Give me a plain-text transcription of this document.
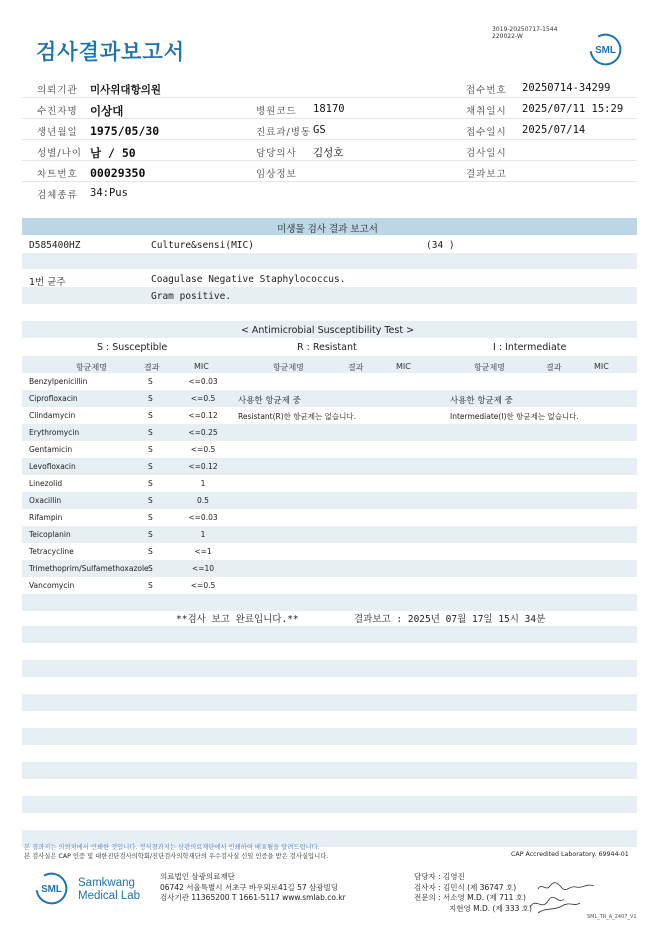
3019-20250717-1544
220022-W
검사결과보고서	SML
의뢰기관 미사위대항의원	접수번호 20250714-34299
수진자명 이상대	병원코드 18170	채취일시 2025/07/11 15:29
생년월일 1975/05/30	진료과/병동 GS	접수일시 2025/07/14
성별/나이 남 / 50	담당의사 김성호	검사일시
차트번호 00029350	임상정보	결과보고
검체종류 34:Pus
미생물 검사 결과 보고서
D585400HZ	Culture&sensi(MIC)	(34 )
1번 균주	Coagulase Negative Staphylococcus.
Gram positive.
< Antimicrobial Susceptibility Test >
S : Susceptible	R : Resistant	I : Intermediate
항균제명	결과	MIC	항균제명	결과	MIC	항균제명	결과	MIC
사용한 항균제 중
Resistant(R)한 항균제는 없습니다.
사용한 항균제 중
Intermediate(I)한 항균제는 없습니다.
Benzylpenicillin	S	<=0.03
Ciprofloxacin	S	<=0.5
Clindamycin	S	<=0.12
Erythromycin	S	<=0.25
Gentamicin	S	<=0.5
Levofloxacin	S	<=0.12
Linezolid	S	1
Oxacillin	S	0.5
Rifampin	S	<=0.03
Teicoplanin	S	1
Tetracycline	S	<=1
Trimethoprim/Sulfamethoxazole S	<=10
Vancomycin	S	<=0.5
**검사 보고 완료입니다.**	결과보고 : 2025년 07월 17일 15시 34분
본 결과지는 의뢰처에서 인쇄한 것입니다. 정식결과지는 삼광의료재단에서 인쇄하여 배포될을 알려드립니다.
본 검사실은 CAP 인증 및 대한진단검사의학회/진단검사의학재단의 우수검사실 신임 인증을 받은 검사실입니다.	CAP Accredited Laboratory. 69944-01
SML
Samkwang
Medical Lab
의료법인 삼광의료재단
06742 서울특별시 서초구 바우뫼로41길 57 삼광빌딩
검사기관 11365200 T 1661-5117 www.smlab.co.kr
담당자 : 김영진
검사자 : 김민식 (제 36747 호)
전문의 : 서소영 M.D. (제 711 호)
지현영 M.D. (제 333 호)
SML_TR_A_2407_V1
